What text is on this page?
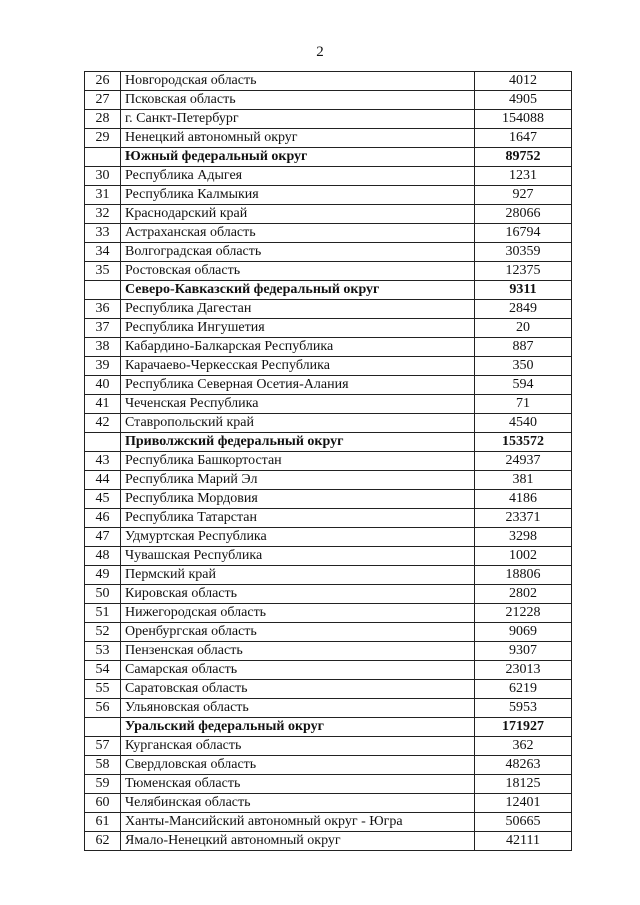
2
26	Новгородская область	4012
27	Псковская область	4905
28	г. Санкт-Петербург	154088
29	Ненецкий автономный округ	1647
	Южный федеральный округ	89752
30	Республика Адыгея	1231
31	Республика Калмыкия	927
32	Краснодарский край	28066
33	Астраханская область	16794
34	Волгоградская область	30359
35	Ростовская область	12375
	Северо-Кавказский федеральный округ	9311
36	Республика Дагестан	2849
37	Республика Ингушетия	20
38	Кабардино-Балкарская Республика	887
39	Карачаево-Черкесская Республика	350
40	Республика Северная Осетия-Алания	594
41	Чеченская Республика	71
42	Ставропольский край	4540
	Приволжский федеральный округ	153572
43	Республика Башкортостан	24937
44	Республика Марий Эл	381
45	Республика Мордовия	4186
46	Республика Татарстан	23371
47	Удмуртская Республика	3298
48	Чувашская Республика	1002
49	Пермский край	18806
50	Кировская область	2802
51	Нижегородская область	21228
52	Оренбургская область	9069
53	Пензенская область	9307
54	Самарская область	23013
55	Саратовская область	6219
56	Ульяновская область	5953
	Уральский федеральный округ	171927
57	Курганская область	362
58	Свердловская область	48263
59	Тюменская область	18125
60	Челябинская область	12401
61	Ханты-Мансийский автономный округ - Югра	50665
62	Ямало-Ненецкий автономный округ	42111
